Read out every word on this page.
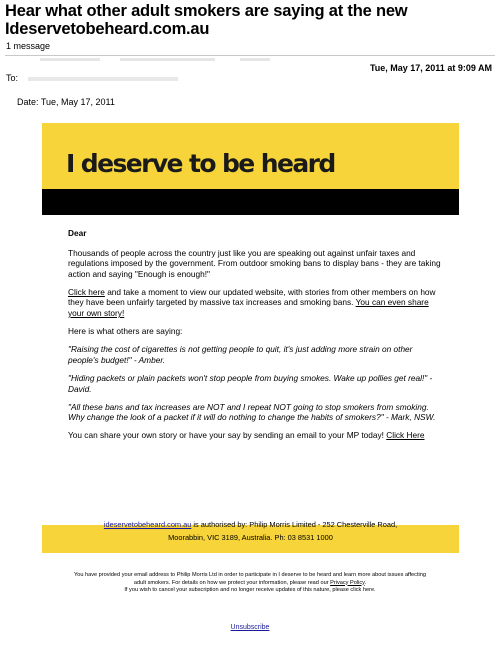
Hear what other adult smokers are saying at the new Ideservetobeheard.com.au
1 message
Tue, May 17, 2011 at 9:09 AM
To:
Date: Tue, May 17, 2011
I deserve to be heard

Dear

Thousands of people across the country just like you are speaking out against unfair taxes and regulations imposed by the government. From outdoor smoking bans to display bans - they are taking action and saying "Enough is enough!"

Click here and take a moment to view our updated website, with stories from other members on how they have been unfairly targeted by massive tax increases and smoking bans. You can even share your own story!

Here is what others are saying:

"Raising the cost of cigarettes is not getting people to quit, it's just adding more strain on other people's budget!" - Amber.

"Hiding packets or plain packets won't stop people from buying smokes. Wake up pollies get real!" - David.

"All these bans and tax increases are NOT and I repeat NOT going to stop smokers from smoking. Why change the look of a packet if it will do nothing to change the habits of smokers?" - Mark, NSW.

You can share your own story or have your say by sending an email to your MP today! Click Here

ideservetobeheard.com.au is authorised by: Philip Morris Limited - 252 Chesterville Road,
Moorabbin, VIC 3189, Australia. Ph: 03 8531 1000
You have provided your email address to Philip Morris Ltd in order to participate in I deserve to be heard and learn more about issues affecting
adult smokers. For details on how we protect your information, please read our Privacy Policy.
If you wish to cancel your subscription and no longer receive updates of this nature, please click here.
Unsubscribe
